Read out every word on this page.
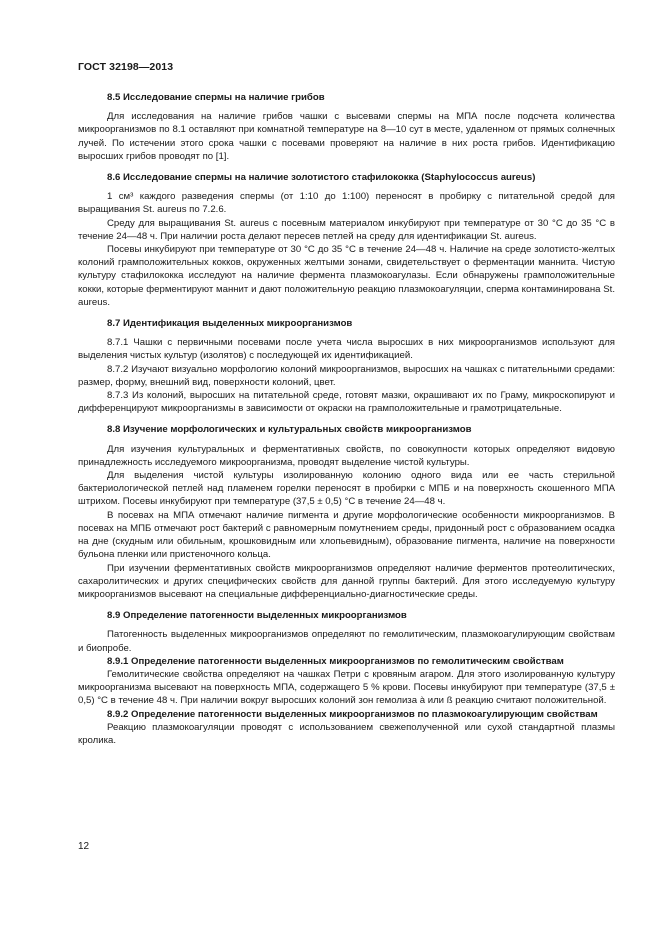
ГОСТ 32198—2013

8.5 Исследование спермы на наличие грибов

Для исследования на наличие грибов чашки с высевами спермы на МПА после подсчета количества микроорганизмов по 8.1 оставляют при комнатной температуре на 8—10 сут в месте, удаленном от прямых солнечных лучей. По истечении этого срока чашки с посевами проверяют на наличие в них роста грибов. Идентификацию выросших грибов проводят по [1].

8.6 Исследование спермы на наличие золотистого стафилококка (Staphylococcus aureus)

1 см³ каждого разведения спермы (от 1:10 до 1:100) переносят в пробирку с питательной средой для выращивания St. aureus по 7.2.6.

Среду для выращивания St. aureus с посевным материалом инкубируют при температуре от 30 °С до 35 °С в течение 24—48 ч. При наличии роста делают пересев петлей на среду для идентификации St. aureus.

Посевы инкубируют при температуре от 30 °С до 35 °С в течение 24—48 ч. Наличие на среде золотисто-желтых колоний грамположительных кокков, окруженных желтыми зонами, свидетельствует о ферментации маннита. Чистую культуру стафилококка исследуют на наличие фермента плазмокоагулазы. Если обнаружены грамположительные кокки, которые ферментируют маннит и дают положительную реакцию плазмокоагуляции, сперма контаминирована St. aureus.

8.7 Идентификация выделенных микроорганизмов

8.7.1 Чашки с первичными посевами после учета числа выросших в них микроорганизмов используют для выделения чистых культур (изолятов) с последующей их идентификацией.

8.7.2 Изучают визуально морфологию колоний микроорганизмов, выросших на чашках с питательными средами: размер, форму, внешний вид, поверхности колоний, цвет.

8.7.3 Из колоний, выросших на питательной среде, готовят мазки, окрашивают их по Граму, микроскопируют и дифференцируют микроорганизмы в зависимости от окраски на грамположительные и грамотрицательные.

8.8 Изучение морфологических и культуральных свойств микроорганизмов

Для изучения культуральных и ферментативных свойств, по совокупности которых определяют видовую принадлежность исследуемого микроорганизма, проводят выделение чистой культуры.

Для выделения чистой культуры изолированную колонию одного вида или ее часть стерильной бактериологической петлей над пламенем горелки переносят в пробирки с МПБ и на поверхность скошенного МПА штрихом. Посевы инкубируют при температуре (37,5 ± 0,5) °С в течение 24—48 ч.

В посевах на МПА отмечают наличие пигмента и другие морфологические особенности микроорганизмов. В посевах на МПБ отмечают рост бактерий с равномерным помутнением среды, придонный рост с образованием осадка на дне (скудным или обильным, крошковидным или хлопьевидным), образование пигмента, наличие на поверхности бульона пленки или пристеночного кольца.

При изучении ферментативных свойств микроорганизмов определяют наличие ферментов протеолитических, сахаролитических и других специфических свойств для данной группы бактерий. Для этого исследуемую культуру микроорганизмов высевают на специальные дифференциально-диагностические среды.

8.9 Определение патогенности выделенных микроорганизмов

Патогенность выделенных микроорганизмов определяют по гемолитическим, плазмокоагулирующим свойствам и биопробе.

8.9.1 Определение патогенности выделенных микроорганизмов по гемолитическим свойствам

Гемолитические свойства определяют на чашках Петри с кровяным агаром. Для этого изолированную культуру микроорганизма высевают на поверхность МПА, содержащего 5 % крови. Посевы инкубируют при температуре (37,5 ± 0,5) °С в течение 48 ч. При наличии вокруг выросших колоний зон гемолиза à или ß реакцию считают положительной.

8.9.2 Определение патогенности выделенных микроорганизмов по плазмокоагулирующим свойствам

Реакцию плазмокоагуляции проводят с использованием свежеполученной или сухой стандартной плазмы кролика.

12
